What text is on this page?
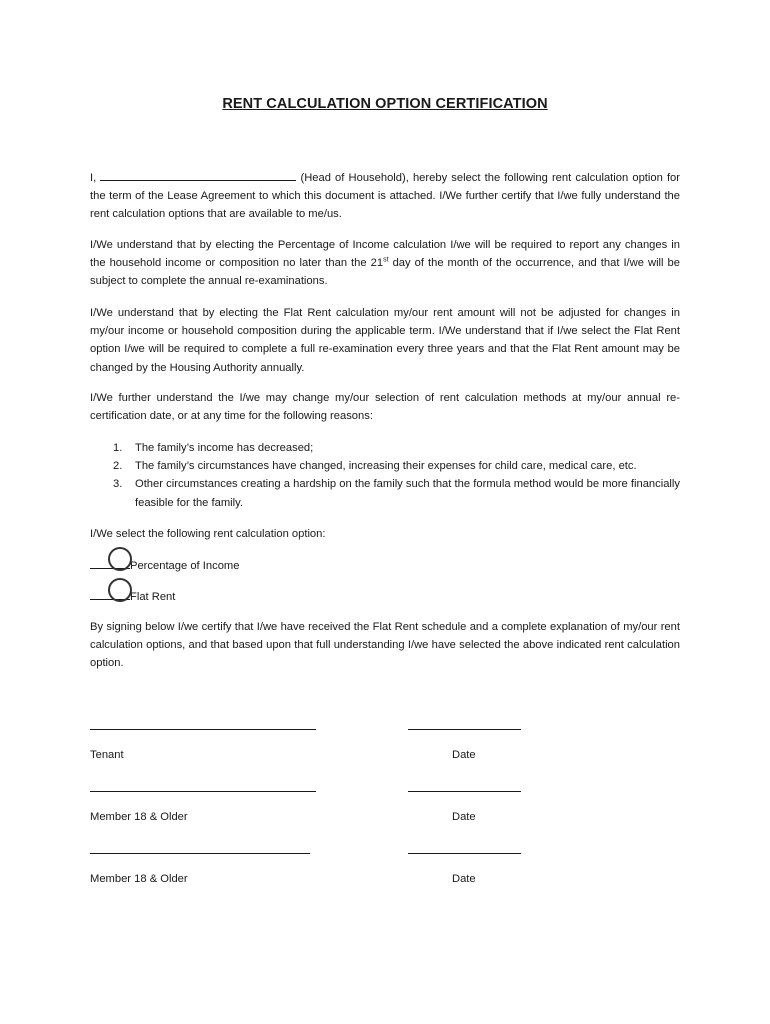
RENT CALCULATION OPTION CERTIFICATION
I,	(Head of Household), hereby select the following rent calculation option for the term of the Lease Agreement to which this document is attached. I/We further certify that I/we fully understand the rent calculation options that are available to me/us.
I/We understand that by electing the Percentage of Income calculation I/we will be required to report any changes in the household income or composition no later than the 21st day of the month of the occurrence, and that I/we will be subject to complete the annual re-examinations.
I/We understand that by electing the Flat Rent calculation my/our rent amount will not be adjusted for changes in my/our income or household composition during the applicable term. I/We understand that if I/we select the Flat Rent option I/we will be required to complete a full re-examination every three years and that the Flat Rent amount may be changed by the Housing Authority annually.
I/We further understand the I/we may change my/our selection of rent calculation methods at my/our annual re-certification date, or at any time for the following reasons:
1. The family’s income has decreased;
2. The family’s circumstances have changed, increasing their expenses for child care, medical care, etc.
3. Other circumstances creating a hardship on the family such that the formula method would be more financially feasible for the family.
I/We select the following rent calculation option:
Percentage of Income
Flat Rent
By signing below I/we certify that I/we have received the Flat Rent schedule and a complete explanation of my/our rent calculation options, and that based upon that full understanding I/we have selected the above indicated rent calculation option.
Tenant	Date
Member 18 & Older	Date
Member 18 & Older	Date
